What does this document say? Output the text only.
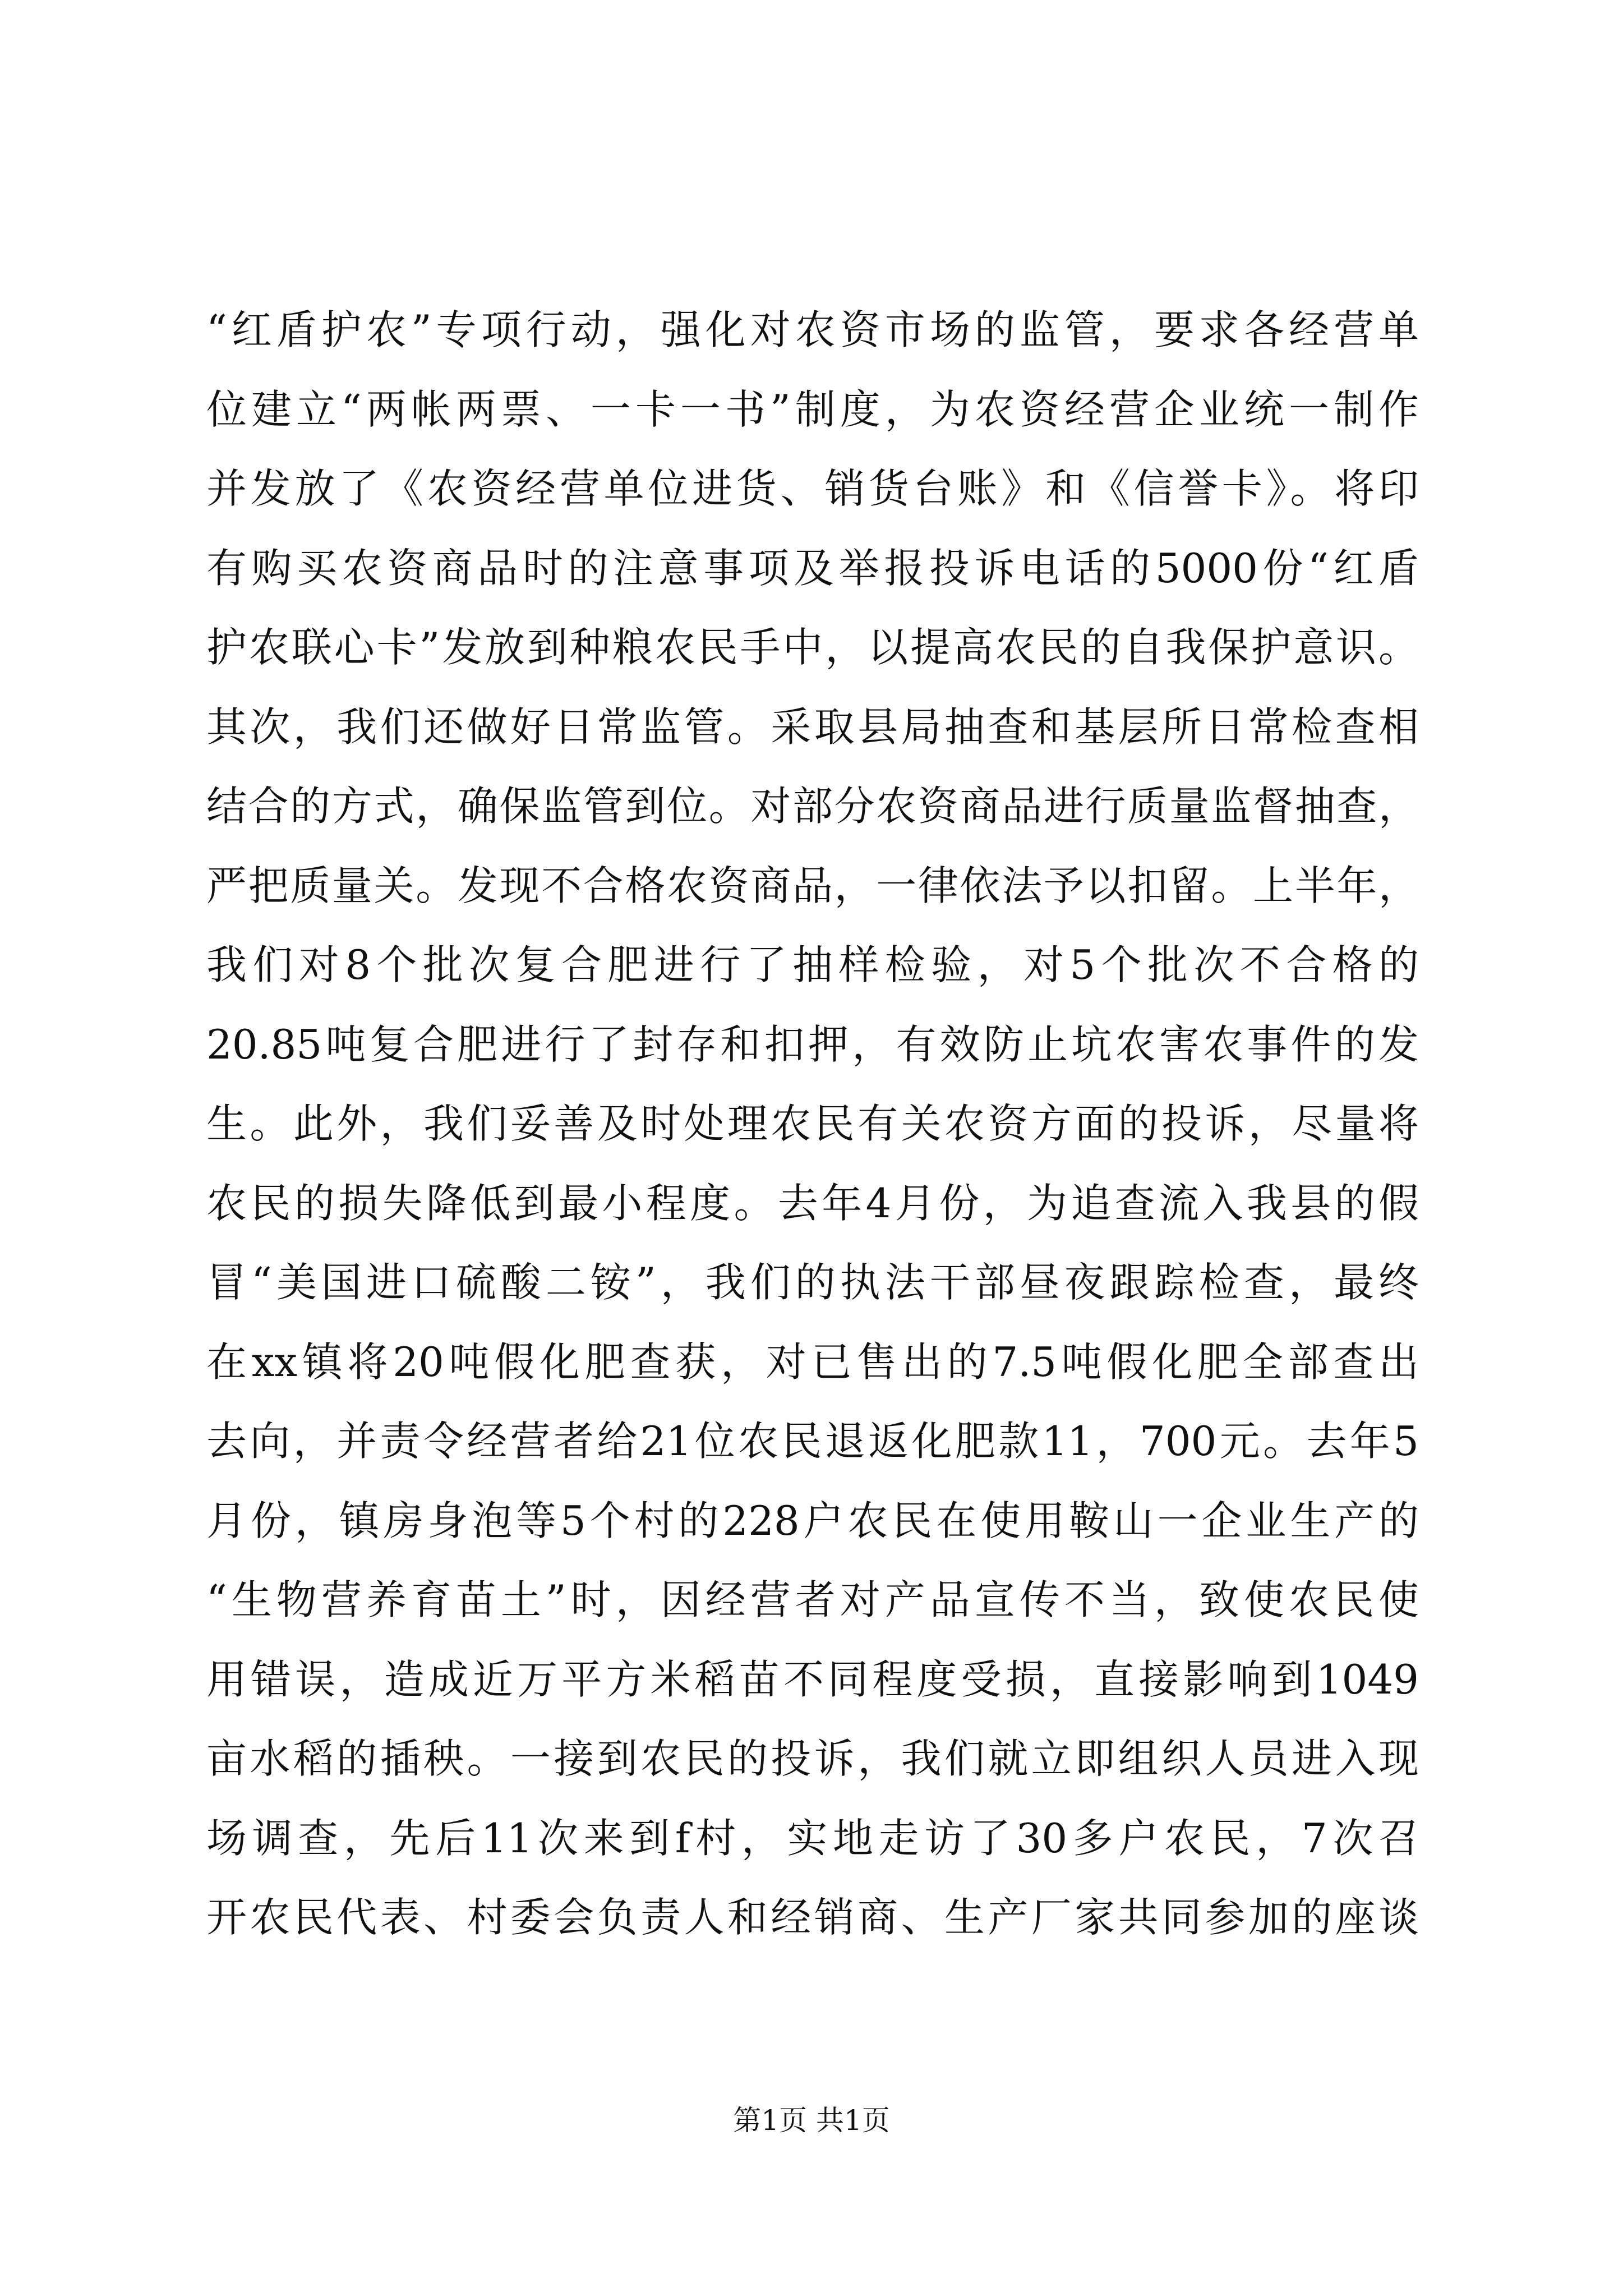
“红盾护农”专项行动，强化对农资市场的监管，要求各经营单
位建立“两帐两票、一卡一书”制度，为农资经营企业统一制作
并发放了《农资经营单位进货、销货台账》和《信誉卡》。将印
有购买农资商品时的注意事项及举报投诉电话的5000份“红盾
护农联心卡”发放到种粮农民手中，以提高农民的自我保护意识。
其次，我们还做好日常监管。采取县局抽查和基层所日常检查相
结合的方式，确保监管到位。对部分农资商品进行质量监督抽查，
严把质量关。发现不合格农资商品，一律依法予以扣留。上半年，
我们对8个批次复合肥进行了抽样检验，对5个批次不合格的
20.85吨复合肥进行了封存和扣押，有效防止坑农害农事件的发
生。此外，我们妥善及时处理农民有关农资方面的投诉，尽量将
农民的损失降低到最小程度。去年4月份，为追查流入我县的假
冒“美国进口硫酸二铵”，我们的执法干部昼夜跟踪检查，最终
在xx镇将20吨假化肥查获，对已售出的7.5吨假化肥全部查出
去向，并责令经营者给21位农民退返化肥款11，700元。去年5
月份，镇房身泡等5个村的228户农民在使用鞍山一企业生产的
“生物营养育苗土”时，因经营者对产品宣传不当，致使农民使
用错误，造成近万平方米稻苗不同程度受损，直接影响到1049
亩水稻的插秧。一接到农民的投诉，我们就立即组织人员进入现
场调查，先后11次来到f村，实地走访了30多户农民，7次召
开农民代表、村委会负责人和经销商、生产厂家共同参加的座谈
第1页 共1页
